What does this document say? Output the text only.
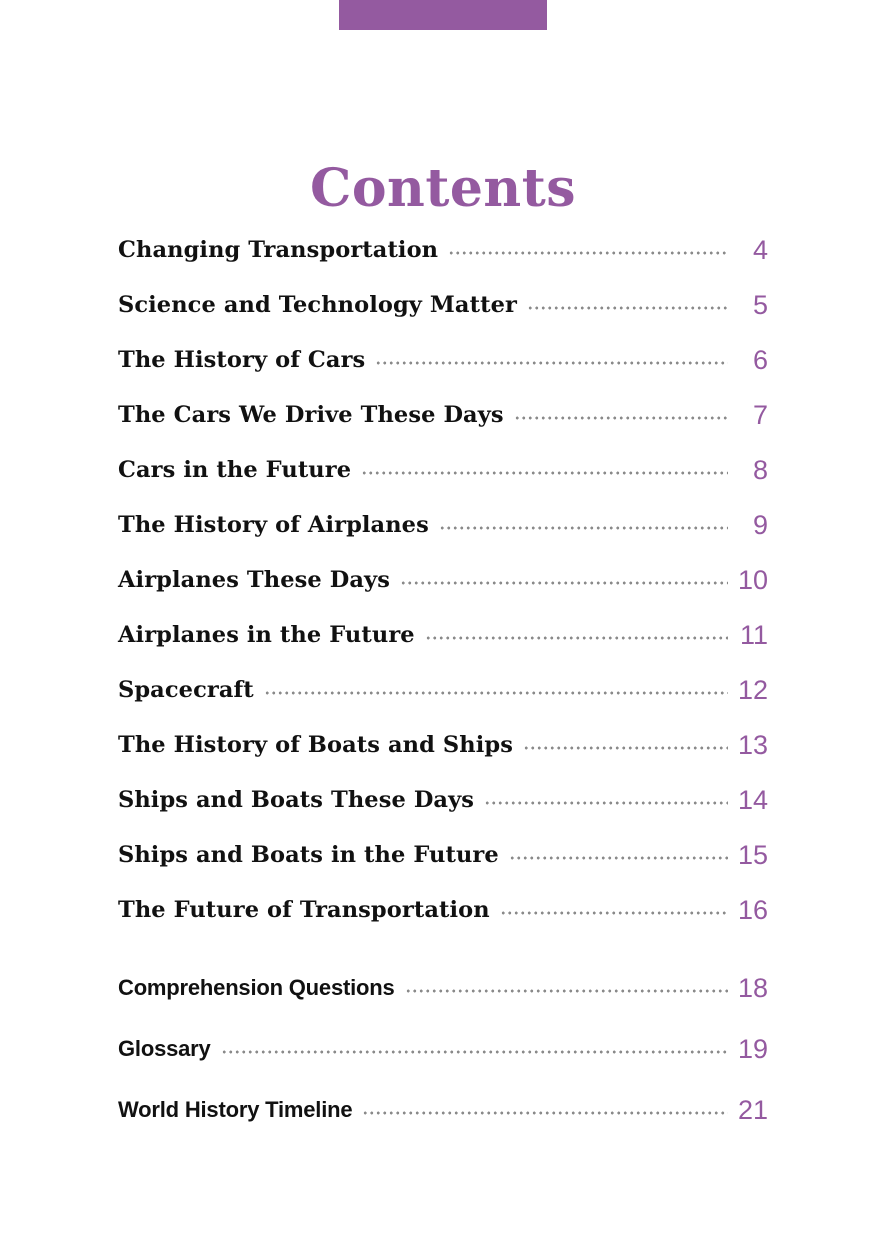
Contents
Changing Transportation	4
Science and Technology Matter	5
The History of Cars	6
The Cars We Drive These Days	7
Cars in the Future	8
The History of Airplanes	9
Airplanes These Days	10
Airplanes in the Future	11
Spacecraft	12
The History of Boats and Ships	13
Ships and Boats These Days	14
Ships and Boats in the Future	15
The Future of Transportation	16
Comprehension Questions	18
Glossary	19
World History Timeline	21
